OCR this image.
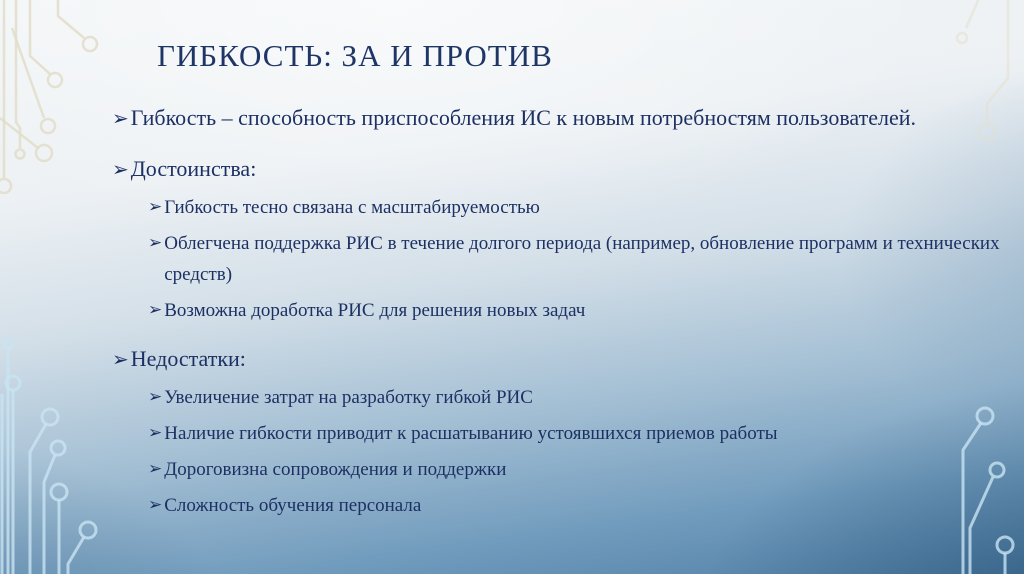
ГИБКОСТЬ: ЗА И ПРОТИВ
➢ Гибкость – способность приспособления ИС к новым потребностям пользователей.
➢ Достоинства:
➢ Гибкость тесно связана с масштабируемостью
➢ Облегчена поддержка РИС в течение долгого периода (например, обновление программ и технических средств)
➢ Возможна доработка РИС для решения новых задач
➢ Недостатки:
➢ Увеличение затрат на разработку гибкой РИС
➢ Наличие гибкости приводит к расшатыванию устоявшихся приемов работы
➢ Дороговизна сопровождения и поддержки
➢ Сложность обучения персонала
